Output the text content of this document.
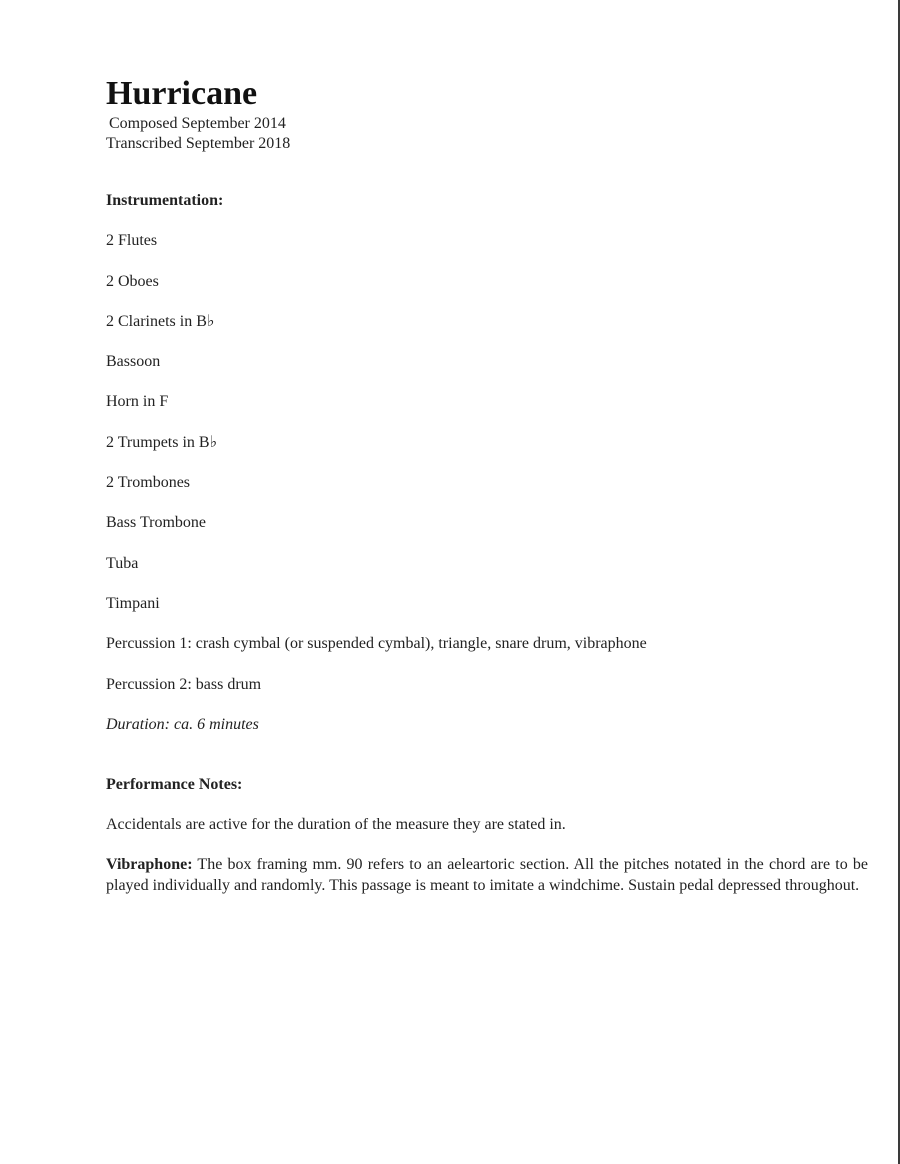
Hurricane

Composed September 2014

Transcribed September 2018

Instrumentation:

2 Flutes
2 Oboes
2 Clarinets in B♭
Bassoon
Horn in F
2 Trumpets in B♭
2 Trombones
Bass Trombone
Tuba
Timpani
Percussion 1: crash cymbal (or suspended cymbal), triangle, snare drum, vibraphone
Percussion 2: bass drum

Duration: ca. 6 minutes

Performance Notes:

Accidentals are active for the duration of the measure they are stated in.

Vibraphone: The box framing mm. 90 refers to an aeleartoric section. All the pitches notated in the chord are to be played individually and randomly. This passage is meant to imitate a windchime. Sustain pedal depressed throughout.
